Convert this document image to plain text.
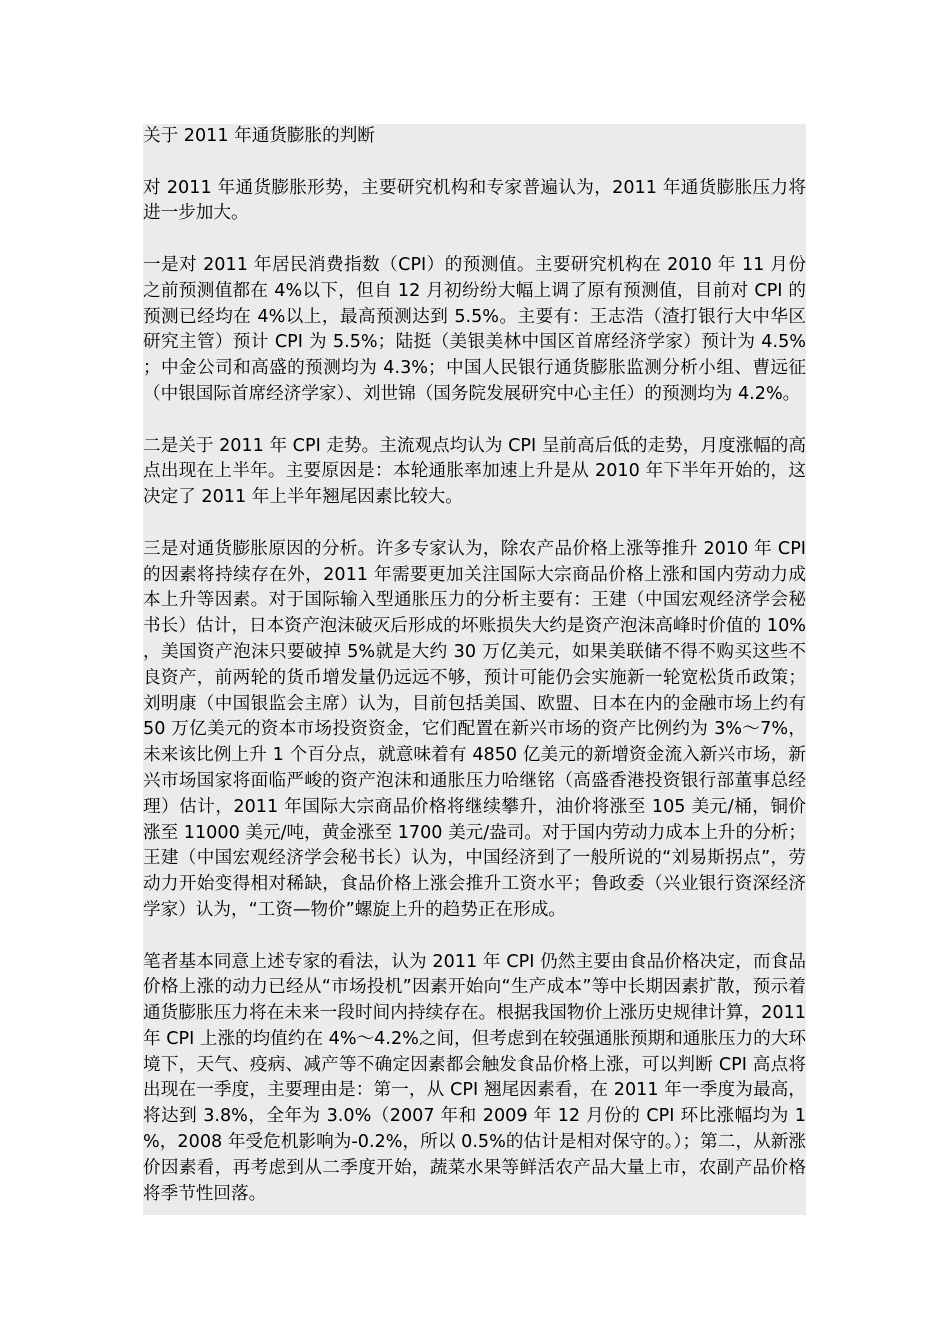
关于 2011 年通货膨胀的判断
对 2011 年通货膨胀形势，主要研究机构和专家普遍认为，2011 年通货膨胀压力将进一步加大。
一是对 2011 年居民消费指数（CPI）的预测值。主要研究机构在 2010 年 11 月份之前预测值都在 4%以下，但自 12 月初纷纷大幅上调了原有预测值，目前对 CPI 的预测已经均在 4%以上，最高预测达到 5.5%。主要有：王志浩（渣打银行大中华区研究主管）预计 CPI 为 5.5%；陆挺（美银美林中国区首席经济学家）预计为 4.5%；中金公司和高盛的预测均为 4.3%；中国人民银行通货膨胀监测分析小组、曹远征（中银国际首席经济学家）、刘世锦（国务院发展研究中心主任）的预测均为 4.2%。
二是关于 2011 年 CPI 走势。主流观点均认为 CPI 呈前高后低的走势，月度涨幅的高点出现在上半年。主要原因是：本轮通胀率加速上升是从 2010 年下半年开始的，这决定了 2011 年上半年翘尾因素比较大。
三是对通货膨胀原因的分析。许多专家认为，除农产品价格上涨等推升 2010 年 CPI 的因素将持续存在外，2011 年需要更加关注国际大宗商品价格上涨和国内劳动力成本上升等因素。对于国际输入型通胀压力的分析主要有：王建（中国宏观经济学会秘书长）估计，日本资产泡沫破灭后形成的坏账损失大约是资产泡沫高峰时价值的 10%，美国资产泡沫只要破掉 5%就是大约 30 万亿美元，如果美联储不得不购买这些不良资产，前两轮的货币增发量仍远远不够，预计可能仍会实施新一轮宽松货币政策；刘明康（中国银监会主席）认为，目前包括美国、欧盟、日本在内的金融市场上约有 50 万亿美元的资本市场投资资金，它们配置在新兴市场的资产比例约为 3%～7%，未来该比例上升 1 个百分点，就意味着有 4850 亿美元的新增资金流入新兴市场，新兴市场国家将面临严峻的资产泡沫和通胀压力哈继铭（高盛香港投资银行部董事总经理）估计，2011 年国际大宗商品价格将继续攀升，油价将涨至 105 美元/桶，铜价涨至 11000 美元/吨，黄金涨至 1700 美元/盎司。对于国内劳动力成本上升的分析；王建（中国宏观经济学会秘书长）认为，中国经济到了一般所说的“刘易斯拐点”，劳动力开始变得相对稀缺，食品价格上涨会推升工资水平；鲁政委（兴业银行资深经济学家）认为，“工资—物价”螺旋上升的趋势正在形成。
笔者基本同意上述专家的看法，认为 2011 年 CPI 仍然主要由食品价格决定，而食品价格上涨的动力已经从“市场投机”因素开始向“生产成本”等中长期因素扩散，预示着通货膨胀压力将在未来一段时间内持续存在。根据我国物价上涨历史规律计算，2011 年 CPI 上涨的均值约在 4%～4.2%之间，但考虑到在较强通胀预期和通胀压力的大环境下，天气、疫病、减产等不确定因素都会触发食品价格上涨，可以判断 CPI 高点将出现在一季度，主要理由是：第一，从 CPI 翘尾因素看，在 2011 年一季度为最高，将达到 3.8%，全年为 3.0%（2007 年和 2009 年 12 月份的 CPI 环比涨幅均为 1%，2008 年受危机影响为-0.2%，所以 0.5%的估计是相对保守的。）；第二，从新涨价因素看，再考虑到从二季度开始，蔬菜水果等鲜活农产品大量上市，农副产品价格将季节性回落。
